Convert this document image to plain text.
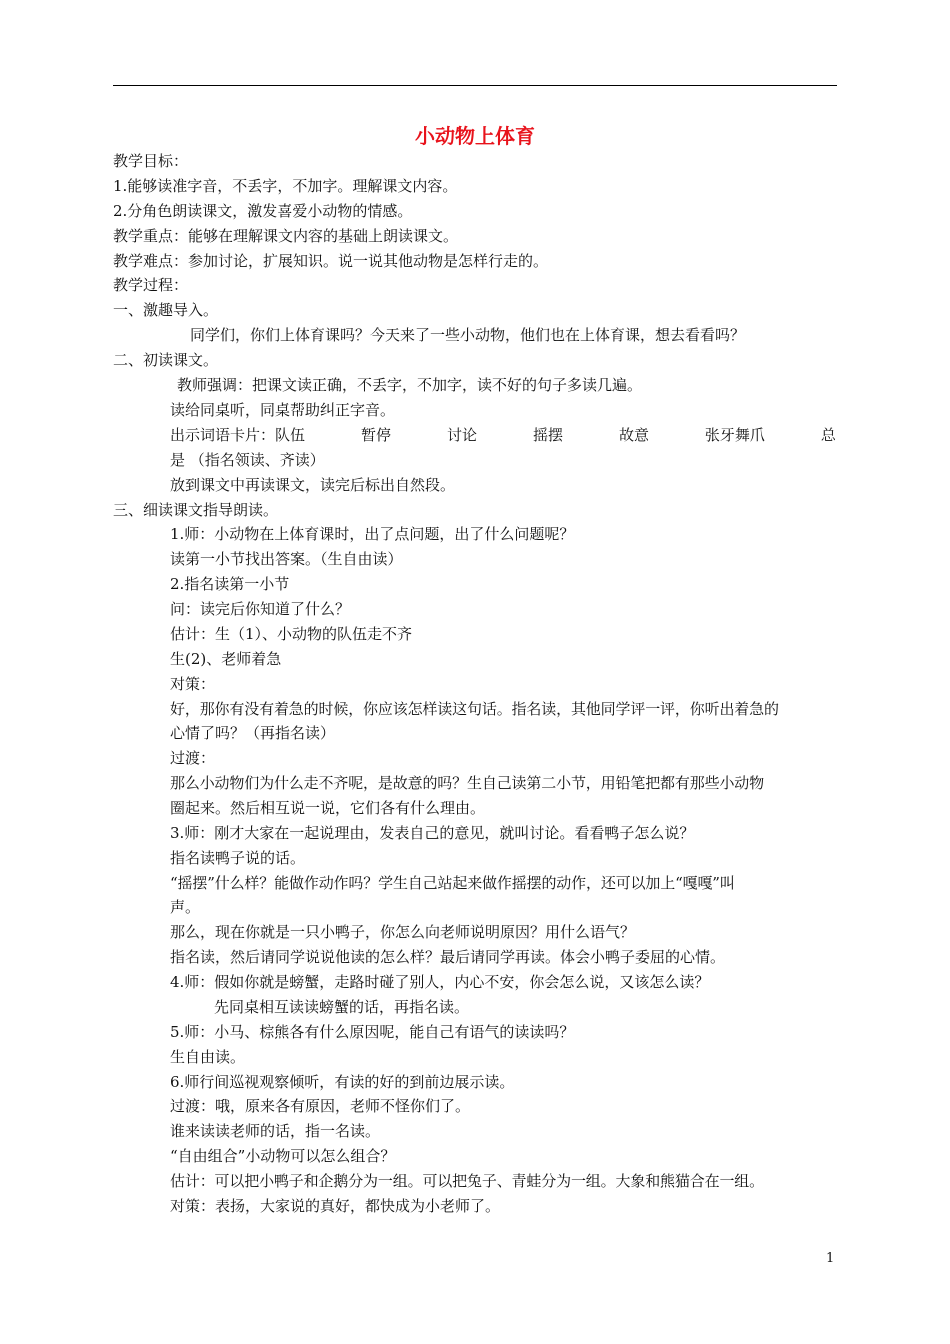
小动物上体育
教学目标：
1.能够读准字音，不丢字，不加字。理解课文内容。
2.分角色朗读课文，激发喜爱小动物的情感。
教学重点：能够在理解课文内容的基础上朗读课文。
教学难点：参加讨论，扩展知识。说一说其他动物是怎样行走的。
教学过程：
一、激趣导入。
同学们，你们上体育课吗？今天来了一些小动物，他们也在上体育课，想去看看吗？
二、初读课文。
教师强调：把课文读正确，不丢字，不加字，读不好的句子多读几遍。
读给同桌听，同桌帮助纠正字音。
出示词语卡片：队伍	暂停	讨论	摇摆	故意	张牙舞爪	总
是 （指名领读、齐读）
放到课文中再读课文，读完后标出自然段。
三、细读课文指导朗读。
1.师：小动物在上体育课时，出了点问题，出了什么问题呢？
读第一小节找出答案。（生自由读）
2.指名读第一小节
问：读完后你知道了什么？
估计：生（1）、小动物的队伍走不齐
生(2)、老师着急
对策：
好，那你有没有着急的时候，你应该怎样读这句话。指名读，其他同学评一评，你听出着急的
心情了吗？（再指名读）
过渡：
那么小动物们为什么走不齐呢，是故意的吗？生自己读第二小节，用铅笔把都有那些小动物
圈起来。然后相互说一说，它们各有什么理由。
3.师：刚才大家在一起说理由，发表自己的意见，就叫讨论。看看鸭子怎么说？
指名读鸭子说的话。
“摇摆”什么样？能做作动作吗？学生自己站起来做作摇摆的动作，还可以加上“嘎嘎”叫
声。
那么，现在你就是一只小鸭子，你怎么向老师说明原因？用什么语气？
指名读，然后请同学说说他读的怎么样？最后请同学再读。体会小鸭子委屈的心情。
4.师：假如你就是螃蟹，走路时碰了别人，内心不安，你会怎么说，又该怎么读？
先同桌相互读读螃蟹的话，再指名读。
5.师：小马、棕熊各有什么原因呢，能自己有语气的读读吗？
生自由读。
6.师行间巡视观察倾听，有读的好的到前边展示读。
过渡：哦，原来各有原因，老师不怪你们了。
谁来读读老师的话，指一名读。
“自由组合”小动物可以怎么组合？
估计：可以把小鸭子和企鹅分为一组。可以把兔子、青蛙分为一组。大象和熊猫合在一组。
对策：表扬，大家说的真好，都快成为小老师了。
1
